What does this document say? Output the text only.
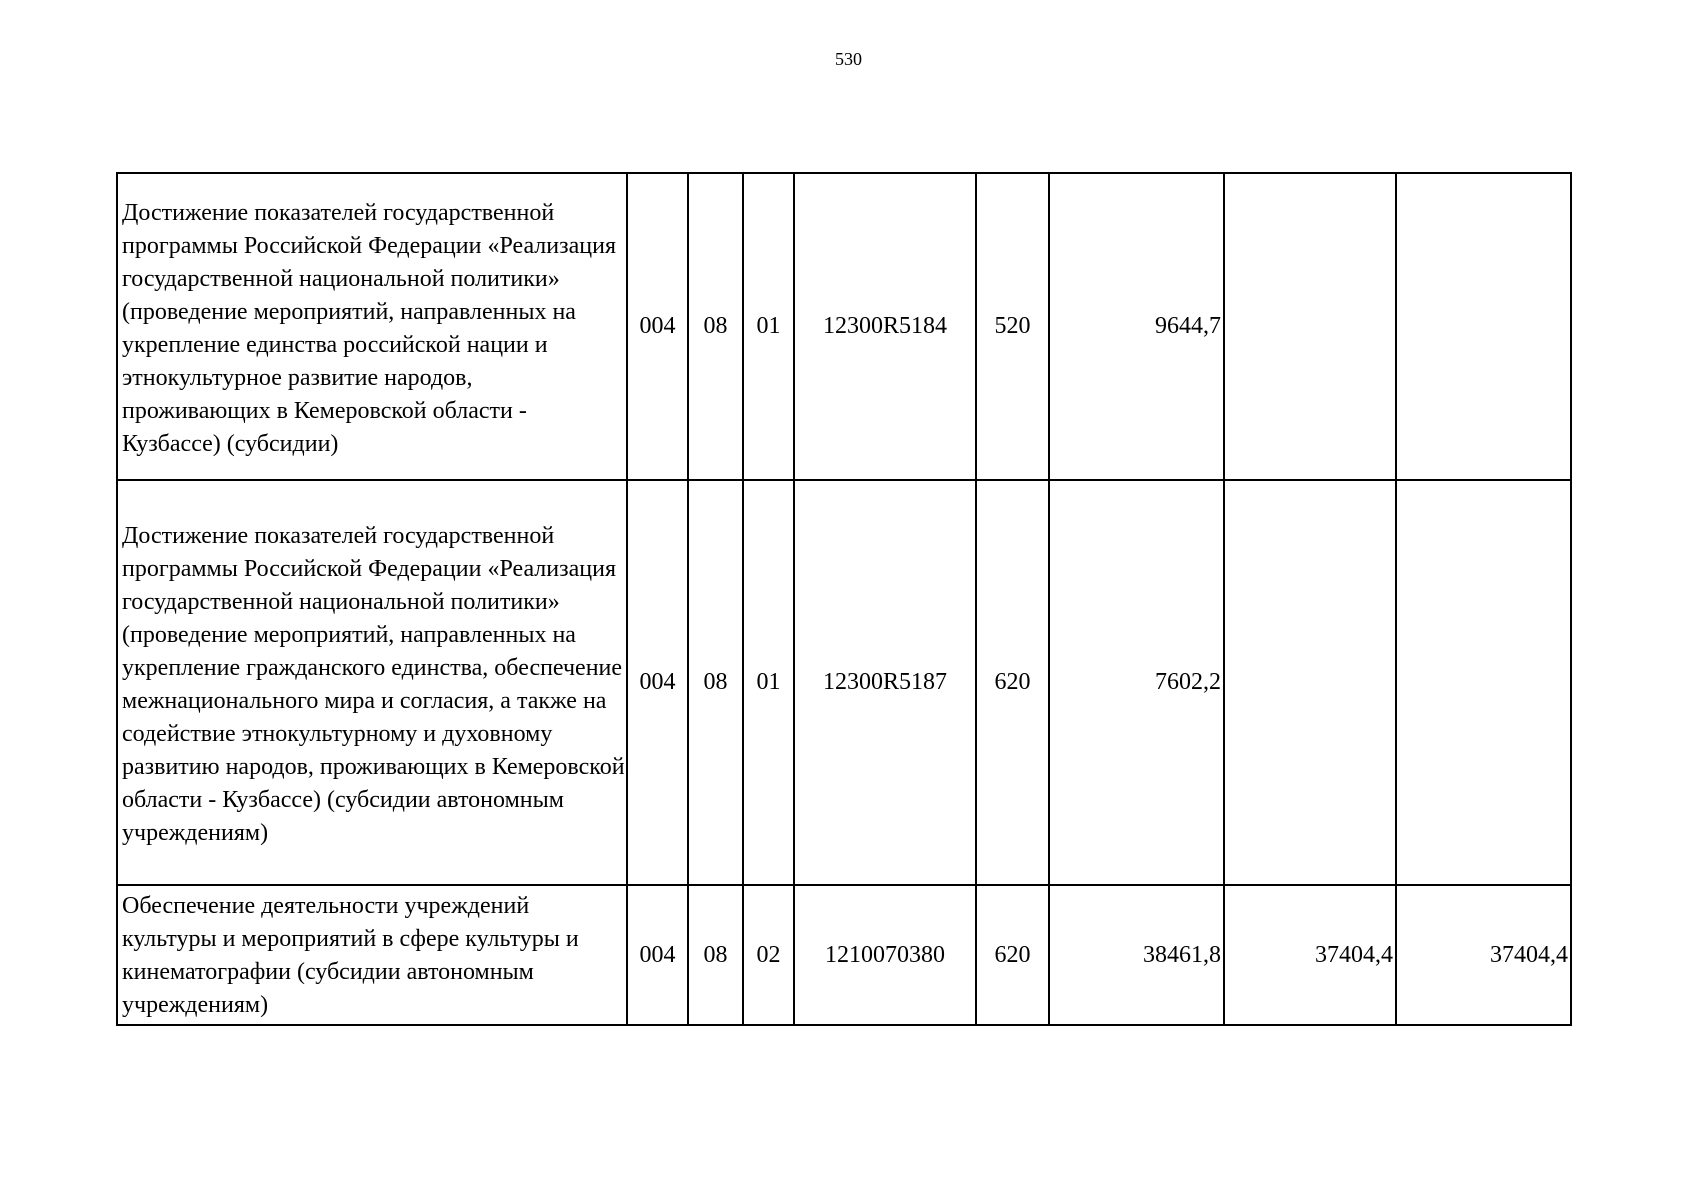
530
Достижение показателей государственной программы Российской Федерации «Реализация государственной национальной политики» (проведение мероприятий, направленных на укрепление единства российской нации и этнокультурное развитие народов, проживающих в Кемеровской области - Кузбассе) (субсидии)	004	08	01	12300R5184	520	9644,7		
Достижение показателей государственной программы Российской Федерации «Реализация государственной национальной политики» (проведение мероприятий, направленных на укрепление гражданского единства, обеспечение межнационального мира и согласия, а также на содействие этнокультурному и духовному развитию народов, проживающих в Кемеровской области - Кузбассе) (субсидии автономным учреждениям)	004	08	01	12300R5187	620	7602,2		
Обеспечение деятельности учреждений культуры и мероприятий в сфере культуры и кинематографии (субсидии автономным учреждениям)	004	08	02	1210070380	620	38461,8	37404,4	37404,4
